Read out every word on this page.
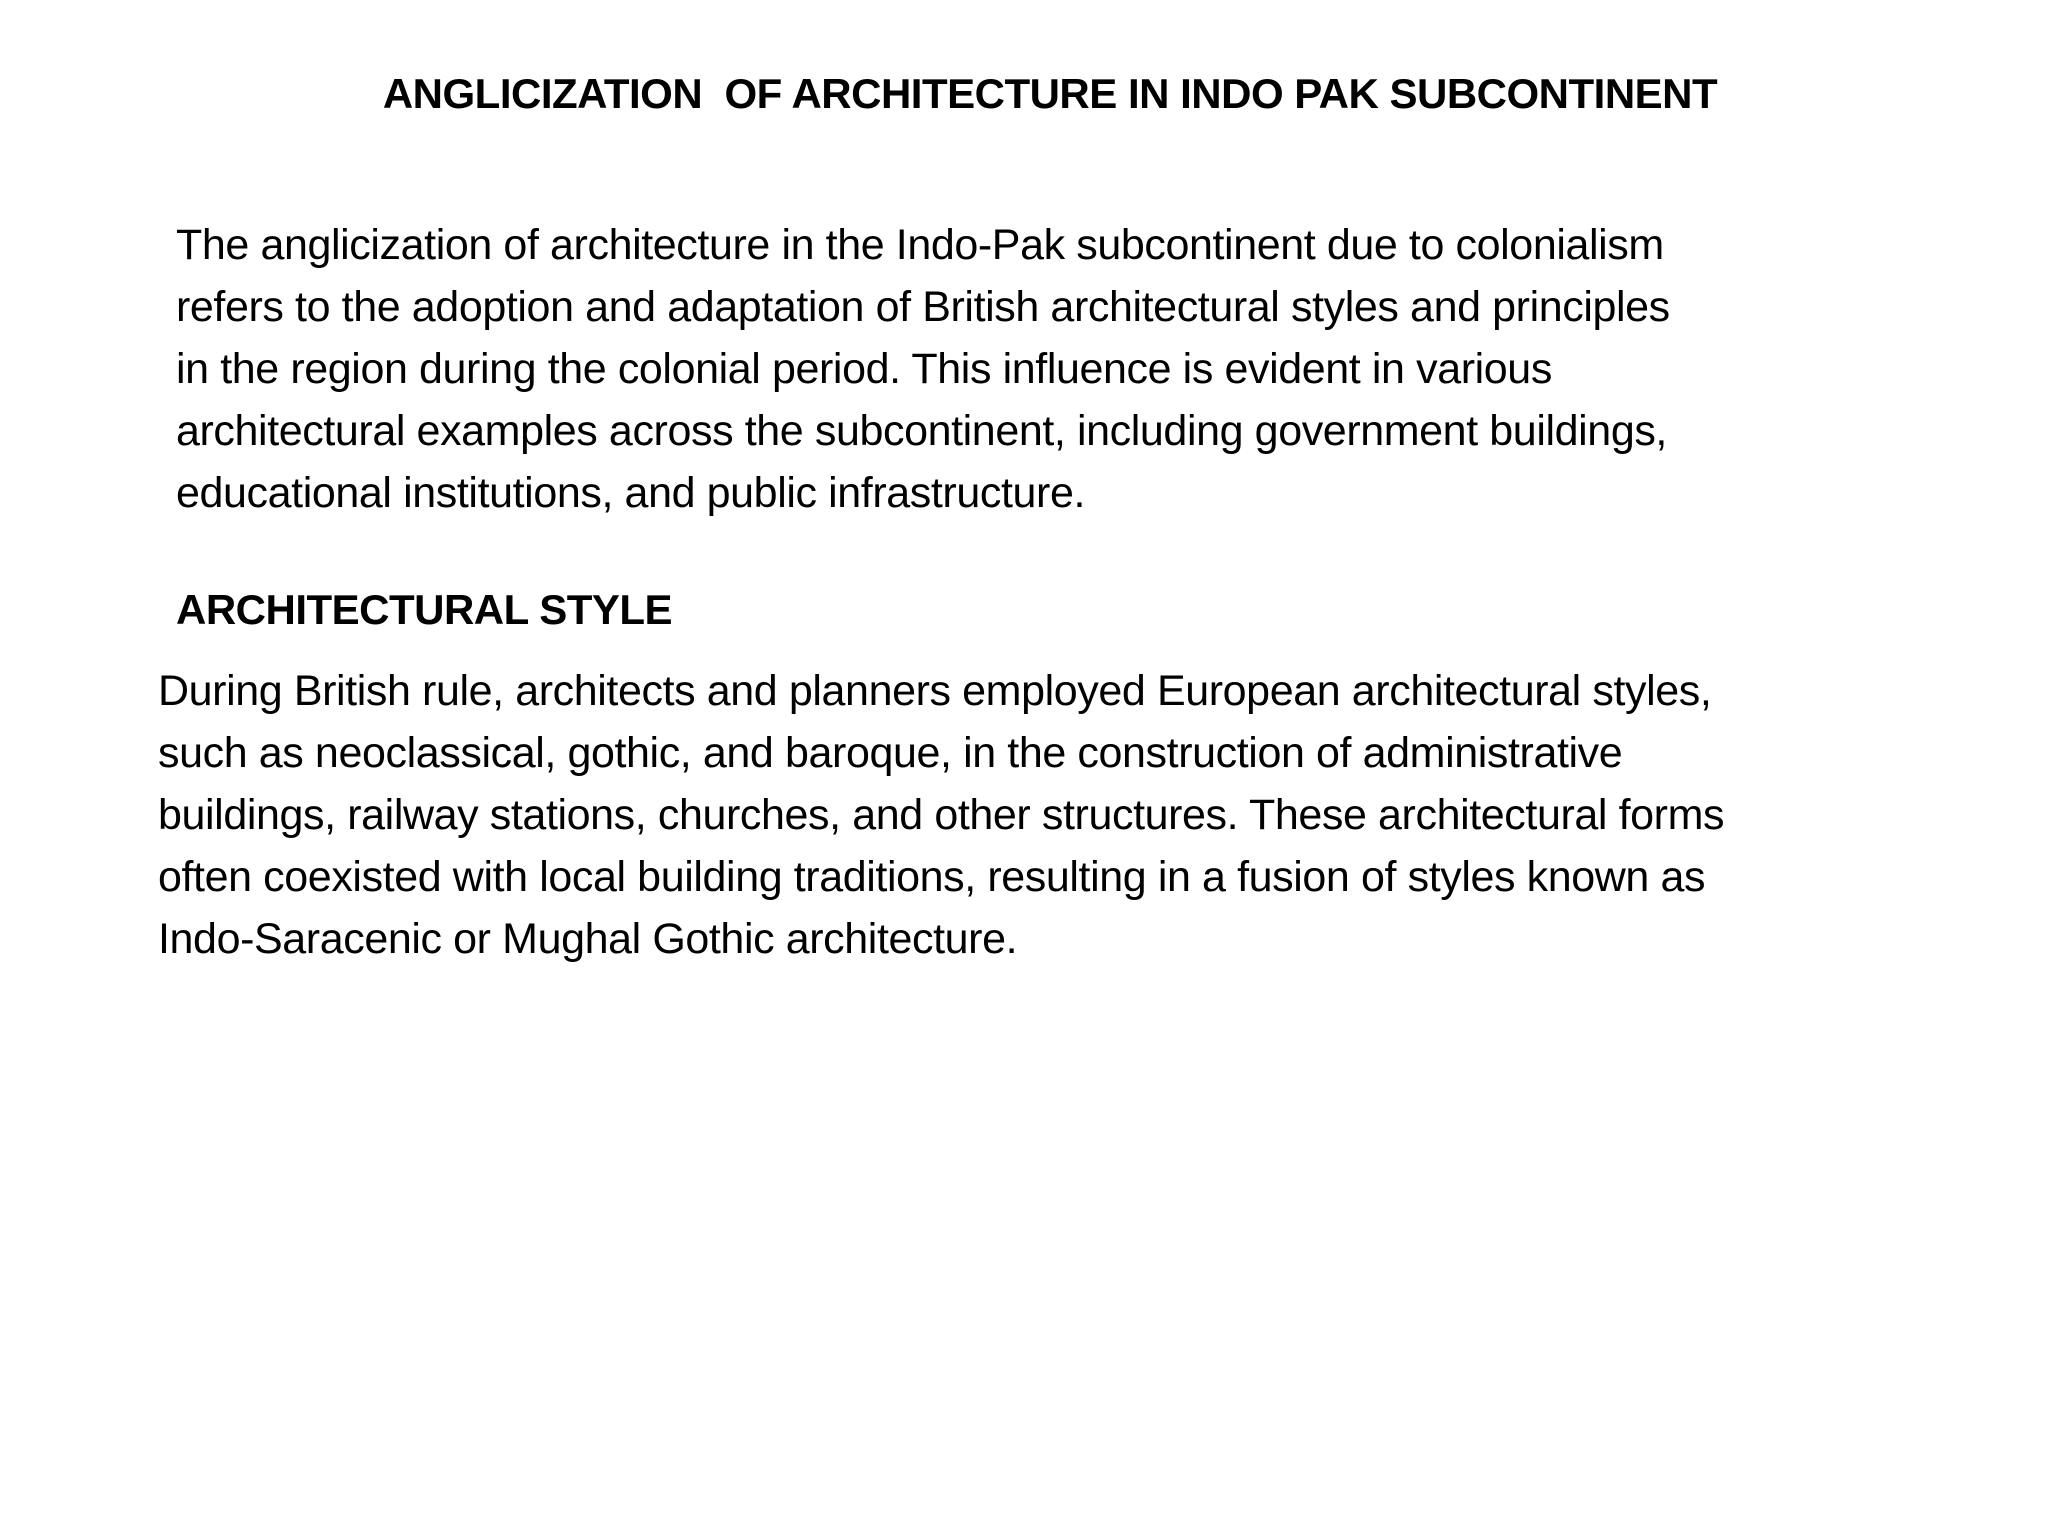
ANGLICIZATION  OF ARCHITECTURE IN INDO PAK SUBCONTINENT
The anglicization of architecture in the Indo-Pak subcontinent due to colonialism
refers to the adoption and adaptation of British architectural styles and principles
in the region during the colonial period. This influence is evident in various
architectural examples across the subcontinent, including government buildings,
educational institutions, and public infrastructure.
ARCHITECTURAL STYLE
During British rule, architects and planners employed European architectural styles,
such as neoclassical, gothic, and baroque, in the construction of administrative
buildings, railway stations, churches, and other structures. These architectural forms
often coexisted with local building traditions, resulting in a fusion of styles known as
Indo-Saracenic or Mughal Gothic architecture.
